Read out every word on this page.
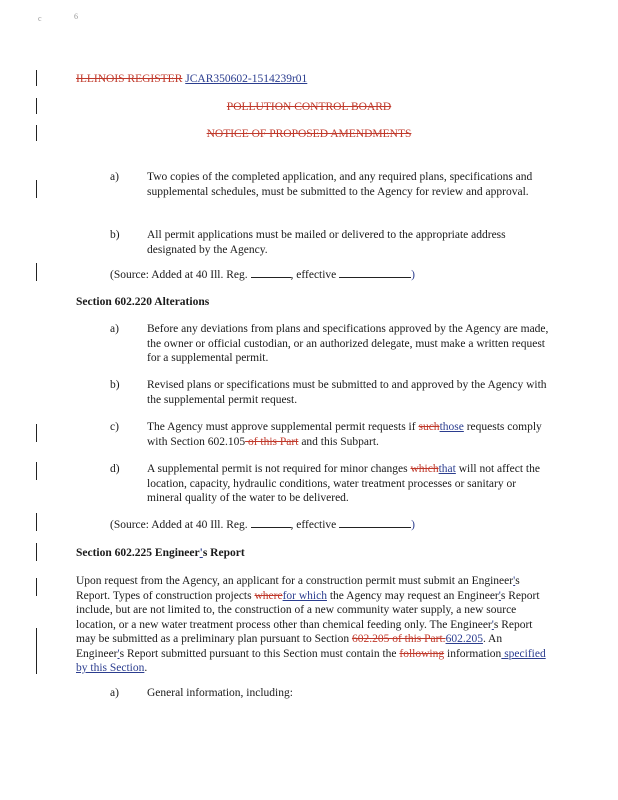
c	6
ILLINOIS REGISTER JCAR350602-1514239r01
POLLUTION CONTROL BOARD
NOTICE OF PROPOSED AMENDMENTS
a) Two copies of the completed application, and any required plans, specifications and supplemental schedules, must be submitted to the Agency for review and approval.
b) All permit applications must be mailed or delivered to the appropriate address designated by the Agency.
(Source: Added at 40 Ill. Reg.	, effective	)
Section 602.220 Alterations
a) Before any deviations from plans and specifications approved by the Agency are made, the owner or official custodian, or an authorized delegate, must make a written request for a supplemental permit.
b) Revised plans or specifications must be submitted to and approved by the Agency with the supplemental permit request.
c) The Agency must approve supplemental permit requests if suchthose requests comply with Section 602.105 of this Part and this Subpart.
d) A supplemental permit is not required for minor changes whichthat will not affect the location, capacity, hydraulic conditions, water treatment processes or sanitary or mineral quality of the water to be delivered.
(Source: Added at 40 Ill. Reg.	, effective	)
Section 602.225 Engineer's Report
Upon request from the Agency, an applicant for a construction permit must submit an Engineer's Report. Types of construction projects wherefor which the Agency may request an Engineer's Report include, but are not limited to, the construction of a new community water supply, a new source location, or a new water treatment process other than chemical feeding only. The Engineer's Report may be submitted as a preliminary plan pursuant to Section 602.205 of this Part.602.205. An Engineer's Report submitted pursuant to this Section must contain the following information specified by this Section.
a) General information, including:
